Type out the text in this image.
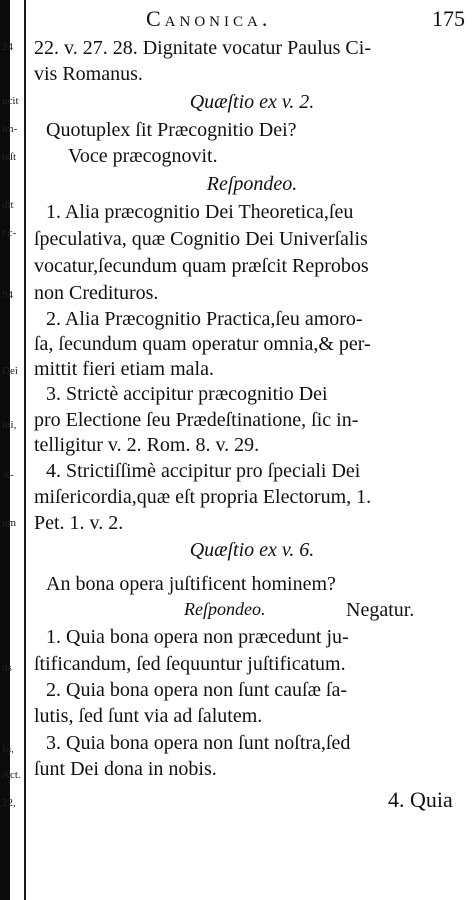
24
ucit
im-
teſt
dit
t c-
94
Dei
ini,
A-
um
ds
Iu,
Act.
22,
Canonica.	175
22. v. 27. 28. Dignitate vocatur Paulus Ci-
vis Romanus.
Quæſtio ex v. 2.
Quotuplex ſit Præcognitio Dei?
Voce præcognovit.
Reſpondeo.
1. Alia præcognitio Dei Theoretica,ſeu
ſpeculativa, quæ Cognitio Dei Univerſalis
vocatur,ſecundum quam præſcit Reprobos
non Credituros.
2. Alia Præcognitio Practica,ſeu amoro-
ſa, ſecundum quam operatur omnia,& per-
mittit fieri etiam mala.
3. Strictè accipitur præcognitio Dei
pro Electione ſeu Prædeſtinatione, ſic in-
telligitur v. 2. Rom. 8. v. 29.
4. Strictiſſimè accipitur pro ſpeciali Dei
miſericordia,quæ eſt propria Electorum, 1.
Pet. 1. v. 2.
Quæſtio ex v. 6.
An bona opera juſtificent hominem?
Reſpondeo.	Negatur.
1. Quia bona opera non præcedunt ju-
ſtificandum, ſed ſequuntur juſtificatum.
2. Quia bona opera non ſunt cauſæ ſa-
lutis, ſed ſunt via ad ſalutem.
3. Quia bona opera non ſunt noſtra,ſed
ſunt Dei dona in nobis.
4. Quia
